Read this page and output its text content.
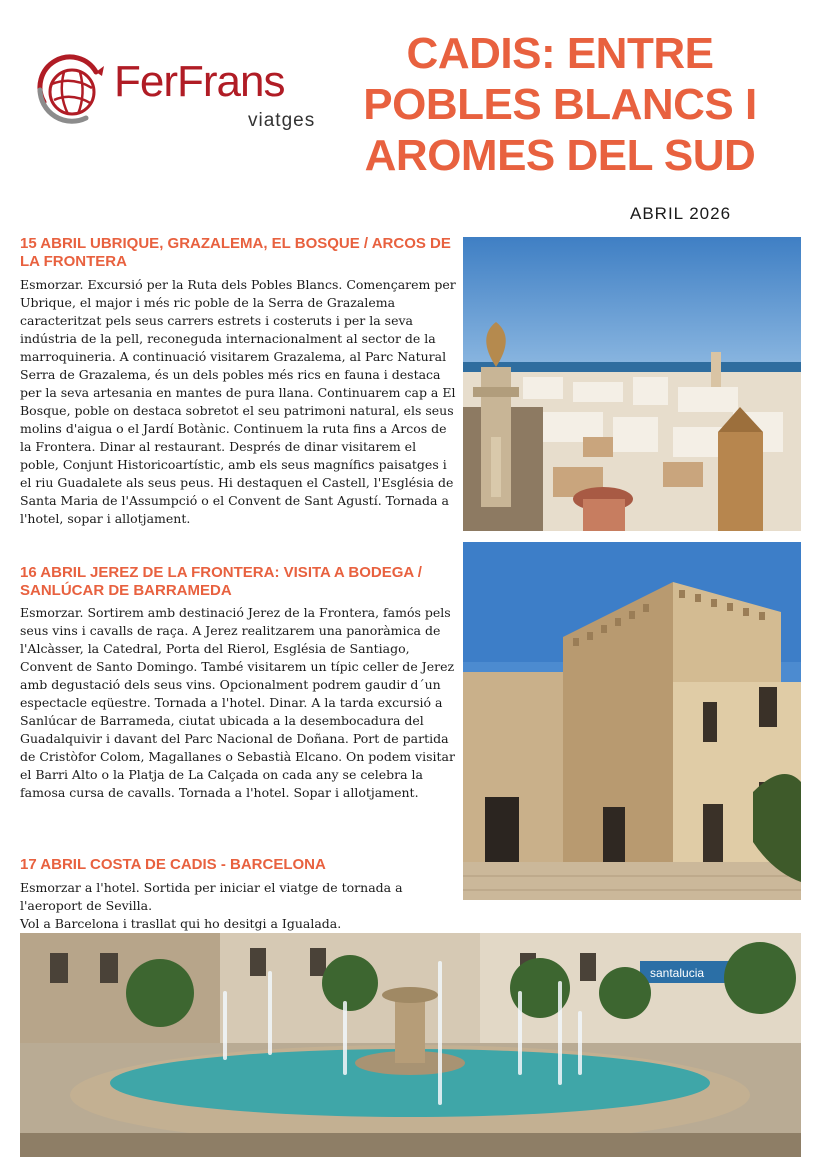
FerFrans
viatges
CADIS: ENTRE
POBLES BLANCS I
AROMES DEL SUD
ABRIL 2026
15 ABRIL UBRIQUE, GRAZALEMA, EL BOSQUE / ARCOS DE LA FRONTERA

Esmorzar. Excursió per la Ruta dels Pobles Blancs. Començarem per Ubrique, el major i més ric poble de la Serra de Grazalema caracteritzat pels seus carrers estrets i costeruts i per la seva indústria de la pell, reconeguda internacionalment al sector de la marroquineria. A continuació visitarem Grazalema, al Parc Natural Serra de Grazalema, és un dels pobles més rics en fauna i destaca per la seva artesania en mantes de pura llana. Continuarem cap a El Bosque, poble on destaca sobretot el seu patrimoni natural, els seus molins d'aigua o el Jardí Botànic. Continuem la ruta fins a Arcos de la Frontera. Dinar al restaurant. Després de dinar visitarem el poble, Conjunt Historicoartístic, amb els seus magnífics paisatges i el riu Guadalete als seus peus. Hi destaquen el Castell, l'Església de Santa Maria de l'Assumpció o el Convent de Sant Agustí. Tornada a l'hotel, sopar i allotjament.

16 ABRIL JEREZ DE LA FRONTERA: VISITA A BODEGA / SANLÚCAR DE BARRAMEDA

Esmorzar. Sortirem amb destinació Jerez de la Frontera, famós pels seus vins i cavalls de raça. A Jerez realitzarem una panoràmica de l'Alcàsser, la Catedral, Porta del Rierol, Església de Santiago, Convent de Santo Domingo. També visitarem un típic celler de Jerez amb degustació dels seus vins. Opcionalment podrem gaudir d´un espectacle eqüestre. Tornada a l'hotel. Dinar. A la tarda excursió a Sanlúcar de Barrameda, ciutat ubicada a la desembocadura del Guadalquivir i davant del Parc Nacional de Doñana. Port de partida de Cristòfor Colom, Magallanes o Sebastià Elcano. On podem visitar el Barri Alto o la Platja de La Calçada on cada any se celebra la famosa cursa de cavalls. Tornada a l'hotel. Sopar i allotjament.

17 ABRIL COSTA DE CADIS - BARCELONA
Esmorzar a l'hotel. Sortida per iniciar el viatge de tornada a l'aeroport de Sevilla.
Vol a Barcelona i trasllat qui ho desitgi a Igualada.
santalucia
